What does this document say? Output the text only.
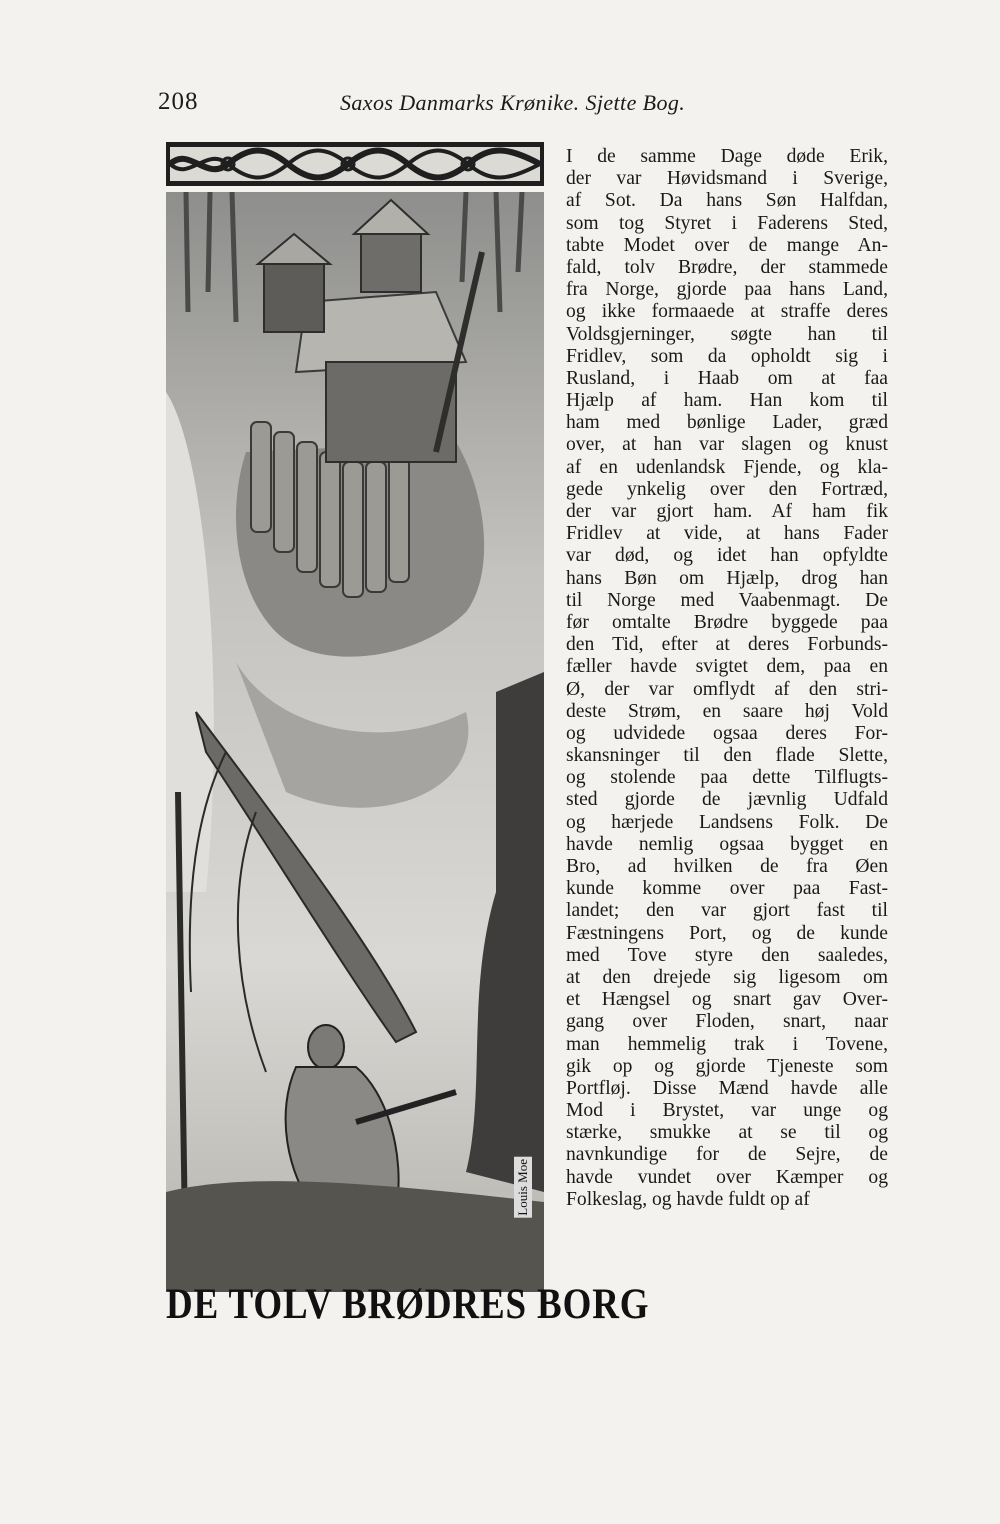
208	Saxos Danmarks Krønike. Sjette Bog.
Louis Moe
DE TOLV BRØDRES BORG
I de samme Dage døde Erik,
der var Høvidsmand i Sverige,
af Sot. Da hans Søn Halfdan,
som tog Styret i Faderens Sted,
tabte Modet over de mange An-
fald, tolv Brødre, der stammede
fra Norge, gjorde paa hans Land,
og ikke formaaede at straffe deres
Voldsgjerninger, søgte han til
Fridlev, som da opholdt sig i
Rusland, i Haab om at faa
Hjælp af ham. Han kom til
ham med bønlige Lader, græd
over, at han var slagen og knust
af en udenlandsk Fjende, og kla-
gede ynkelig over den Fortræd,
der var gjort ham. Af ham fik
Fridlev at vide, at hans Fader
var død, og idet han opfyldte
hans Bøn om Hjælp, drog han
til Norge med Vaabenmagt. De
før omtalte Brødre byggede paa
den Tid, efter at deres Forbunds-
fæller havde svigtet dem, paa en
Ø, der var omflydt af den stri-
deste Strøm, en saare høj Vold
og udvidede ogsaa deres For-
skansninger til den flade Slette,
og stolende paa dette Tilflugts-
sted gjorde de jævnlig Udfald
og hærjede Landsens Folk. De
havde nemlig ogsaa bygget en
Bro, ad hvilken de fra Øen
kunde komme over paa Fast-
landet; den var gjort fast til
Fæstningens Port, og de kunde
med Tove styre den saaledes,
at den drejede sig ligesom om
et Hængsel og snart gav Over-
gang over Floden, snart, naar
man hemmelig trak i Tovene,
gik op og gjorde Tjeneste som
Portfløj. Disse Mænd havde alle
Mod i Brystet, var unge og
stærke, smukke at se til og
navnkundige for de Sejre, de
havde vundet over Kæmper og
Folkeslag, og havde fuldt op af
